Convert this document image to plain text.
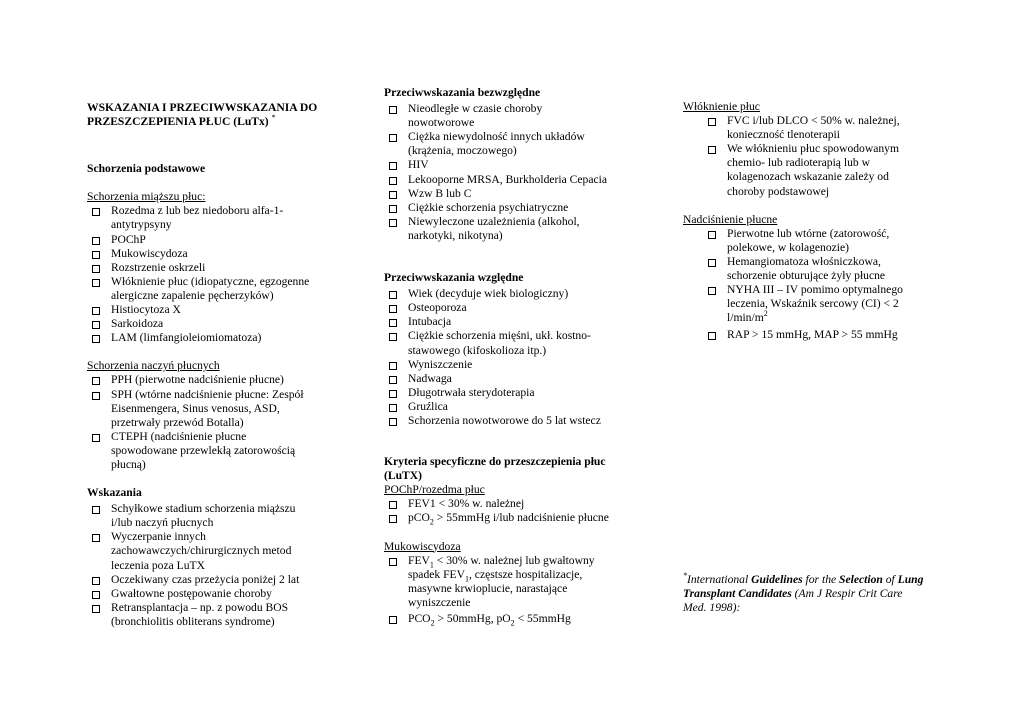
WSKAZANIA I PRZECIWWSKAZANIA DO
PRZESZCZEPIENIA PŁUC (LuTx) *
Schorzenia podstawowe
Schorzenia miąższu płuc:
Rozedma z lub bez niedoboru alfa-1-
antytrypsyny
POChP
Mukowiscydoza
Rozstrzenie oskrzeli
Włóknienie płuc (idiopatyczne, egzogenne
alergiczne zapalenie pęcherzyków)
Histiocytoza X
Sarkoidoza
LAM (limfangioleiomiomatoza)
Schorzenia naczyń płucnych
PPH (pierwotne nadciśnienie płucne)
SPH (wtórne nadciśnienie płucne: Zespół
Eisenmengera, Sinus venosus, ASD,
przetrwały przewód Botalla)
CTEPH (nadciśnienie płucne
spowodowane przewlekłą zatorowością
płucną)
Wskazania
Schyłkowe stadium schorzenia miąższu
i/lub naczyń płucnych
Wyczerpanie innych
zachowawczych/chirurgicznych metod
leczenia poza LuTX
Oczekiwany czas przeżycia poniżej 2 lat
Gwałtowne postępowanie choroby
Retransplantacja – np. z powodu BOS
(bronchiolitis obliterans syndrome)
Przeciwwskazania bezwzględne
Nieodległe w czasie choroby
nowotworowe
Ciężka niewydolność innych układów
(krążenia, moczowego)
HIV
Lekooporne MRSA, Burkholderia Cepacia
Wzw B lub C
Ciężkie schorzenia psychiatryczne
Niewyleczone uzależnienia (alkohol,
narkotyki, nikotyna)
Przeciwwskazania względne
Wiek (decyduje wiek biologiczny)
Osteoporoza
Intubacja
Ciężkie schorzenia mięśni, ukł. kostno-
stawowego (kifoskolioza itp.)
Wyniszczenie
Nadwaga
Długotrwała sterydoterapia
Gruźlica
Schorzenia nowotworowe do 5 lat wstecz
Kryteria specyficzne do przeszczepienia płuc
(LuTX)
POChP/rozedma płuc
FEV1 < 30% w. należnej
pCO$_2$ > 55mmHg i/lub nadciśnienie płucne
Mukowiscydoza
$FEV_1 < 30\%$ w. należnej lub gwałtowny
spadek $FEV_1$, częstsze hospitalizacje,
masywne krwioplucie, narastające
wyniszczenie
$PCO_2$ > 50mmHg, $pO_2$ < 55mmHg
Włóknienie płuc
FVC i/lub DLCO < 50% w. należnej,
konieczność tlenoterapii
We włóknieniu płuc spowodowanym
chemio- lub radioterapią lub w
kolagenozach wskazanie zależy od
choroby podstawowej
Nadciśnienie płucne
Pierwotne lub wtórne (zatorowość,
polekowe, w kolagenozie)
Hemangiomatoza włośniczkowa,
schorzenie obturujące żyły płucne
NYHA III – IV pomimo optymalnego
leczenia, Wskaźnik sercowy (CI) < 2
$l/\min/m^2$
RAP > 15 mmHg, MAP > 55 mmHg
*International Guidelines for the Selection of Lung
Transplant Candidates (Am J Respir Crit Care
Med. 1998):
